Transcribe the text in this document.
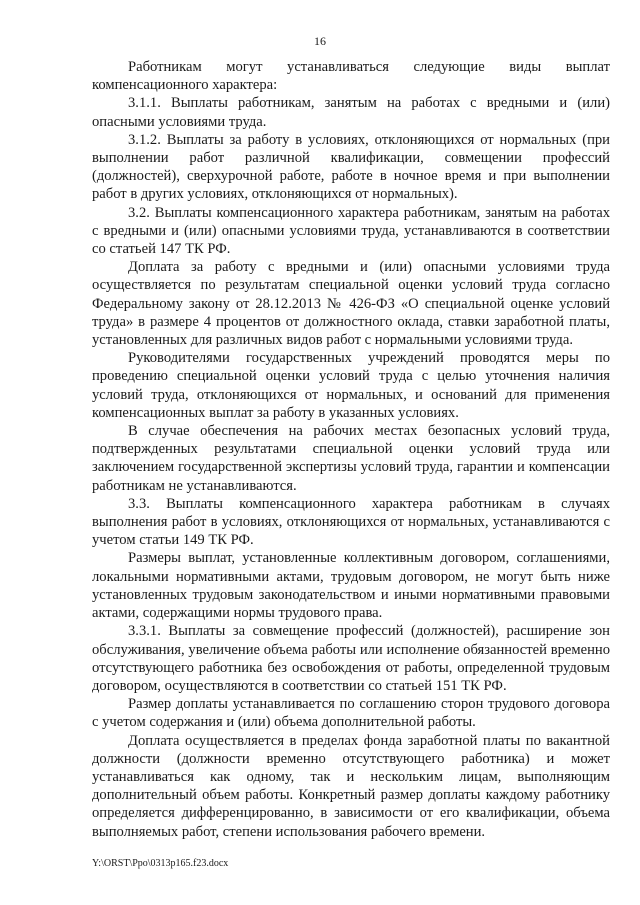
16

Работникам могут устанавливаться следующие виды выплат компенсационного характера:

3.1.1. Выплаты работникам, занятым на работах с вредными и (или) опасными условиями труда.

3.1.2. Выплаты за работу в условиях, отклоняющихся от нормальных (при выполнении работ различной квалификации, совмещении профессий (должностей), сверхурочной работе, работе в ночное время и при выполнении работ в других условиях, отклоняющихся от нормальных).

3.2. Выплаты компенсационного характера работникам, занятым на работах с вредными и (или) опасными условиями труда, устанавливаются в соответствии со статьей 147 ТК РФ.

Доплата за работу с вредными и (или) опасными условиями труда осуществляется по результатам специальной оценки условий труда согласно Федеральному закону от 28.12.2013 № 426-ФЗ «О специальной оценке условий труда» в размере 4 процентов от должностного оклада, ставки заработной платы, установленных для различных видов работ с нормальными условиями труда.

Руководителями государственных учреждений проводятся меры по проведению специальной оценки условий труда с целью уточнения наличия условий труда, отклоняющихся от нормальных, и оснований для применения компенсационных выплат за работу в указанных условиях.

В случае обеспечения на рабочих местах безопасных условий труда, подтвержденных результатами специальной оценки условий труда или заключением государственной экспертизы условий труда, гарантии и компенсации работникам не устанавливаются.

3.3. Выплаты компенсационного характера работникам в случаях выполнения работ в условиях, отклоняющихся от нормальных, устанавливаются с учетом статьи 149 ТК РФ.

Размеры выплат, установленные коллективным договором, соглашениями, локальными нормативными актами, трудовым договором, не могут быть ниже установленных трудовым законодательством и иными нормативными правовыми актами, содержащими нормы трудового права.

3.3.1. Выплаты за совмещение профессий (должностей), расширение зон обслуживания, увеличение объема работы или исполнение обязанностей временно отсутствующего работника без освобождения от работы, определенной трудовым договором, осуществляются в соответствии со статьей 151 ТК РФ.

Размер доплаты устанавливается по соглашению сторон трудового договора с учетом содержания и (или) объема дополнительной работы.

Доплата осуществляется в пределах фонда заработной платы по вакантной должности (должности временно отсутствующего работника) и может устанавливаться как одному, так и нескольким лицам, выполняющим дополнительный объем работы. Конкретный размер доплаты каждому работнику определяется дифференцированно, в зависимости от его квалификации, объема выполняемых работ, степени использования рабочего времени.

Y:\ORST\Ppo\0313p165.f23.docx
